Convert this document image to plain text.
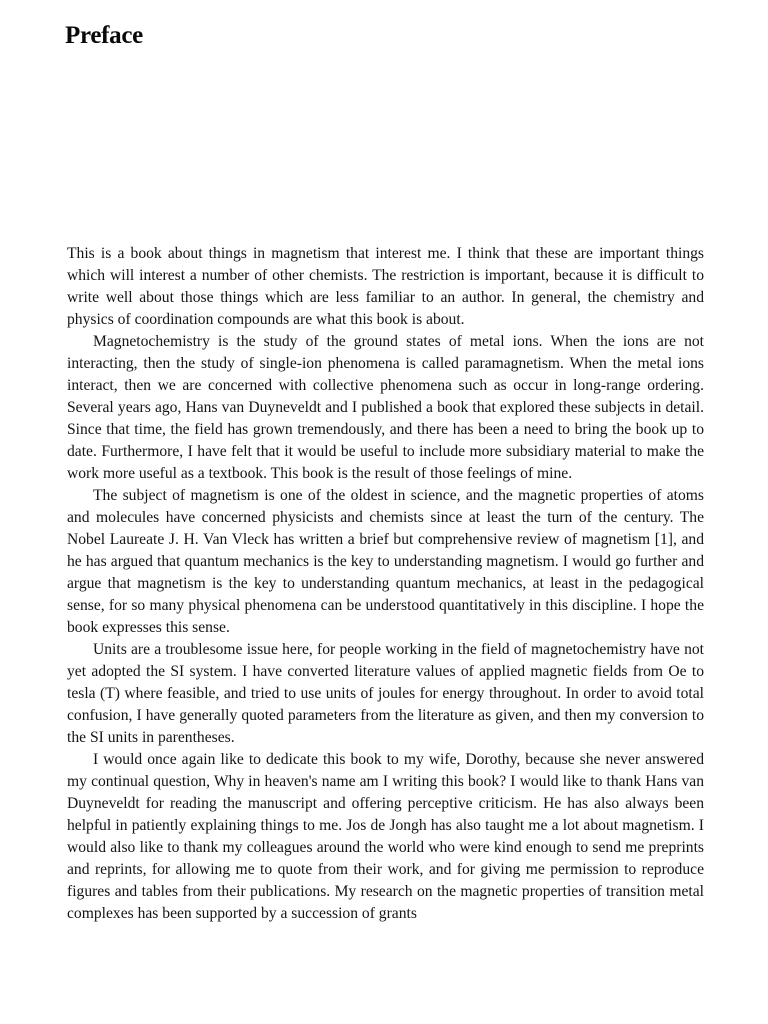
Preface

This is a book about things in magnetism that interest me. I think that these are important things which will interest a number of other chemists. The restriction is important, because it is difficult to write well about those things which are less familiar to an author. In general, the chemistry and physics of coordination compounds are what this book is about.

Magnetochemistry is the study of the ground states of metal ions. When the ions are not interacting, then the study of single-ion phenomena is called paramagnetism. When the metal ions interact, then we are concerned with collective phenomena such as occur in long-range ordering. Several years ago, Hans van Duyneveldt and I published a book that explored these subjects in detail. Since that time, the field has grown tremendously, and there has been a need to bring the book up to date. Furthermore, I have felt that it would be useful to include more subsidiary material to make the work more useful as a textbook. This book is the result of those feelings of mine.

The subject of magnetism is one of the oldest in science, and the magnetic properties of atoms and molecules have concerned physicists and chemists since at least the turn of the century. The Nobel Laureate J. H. Van Vleck has written a brief but comprehensive review of magnetism [1], and he has argued that quantum mechanics is the key to understanding magnetism. I would go further and argue that magnetism is the key to understanding quantum mechanics, at least in the pedagogical sense, for so many physical phenomena can be understood quantitatively in this discipline. I hope the book expresses this sense.

Units are a troublesome issue here, for people working in the field of magnetochemistry have not yet adopted the SI system. I have converted literature values of applied magnetic fields from Oe to tesla (T) where feasible, and tried to use units of joules for energy throughout. In order to avoid total confusion, I have generally quoted parameters from the literature as given, and then my conversion to the SI units in parentheses.

I would once again like to dedicate this book to my wife, Dorothy, because she never answered my continual question, Why in heaven's name am I writing this book? I would like to thank Hans van Duyneveldt for reading the manuscript and offering perceptive criticism. He has also always been helpful in patiently explaining things to me. Jos de Jongh has also taught me a lot about magnetism. I would also like to thank my colleagues around the world who were kind enough to send me preprints and reprints, for allowing me to quote from their work, and for giving me permission to reproduce figures and tables from their publications. My research on the magnetic properties of transition metal complexes has been supported by a succession of grants
